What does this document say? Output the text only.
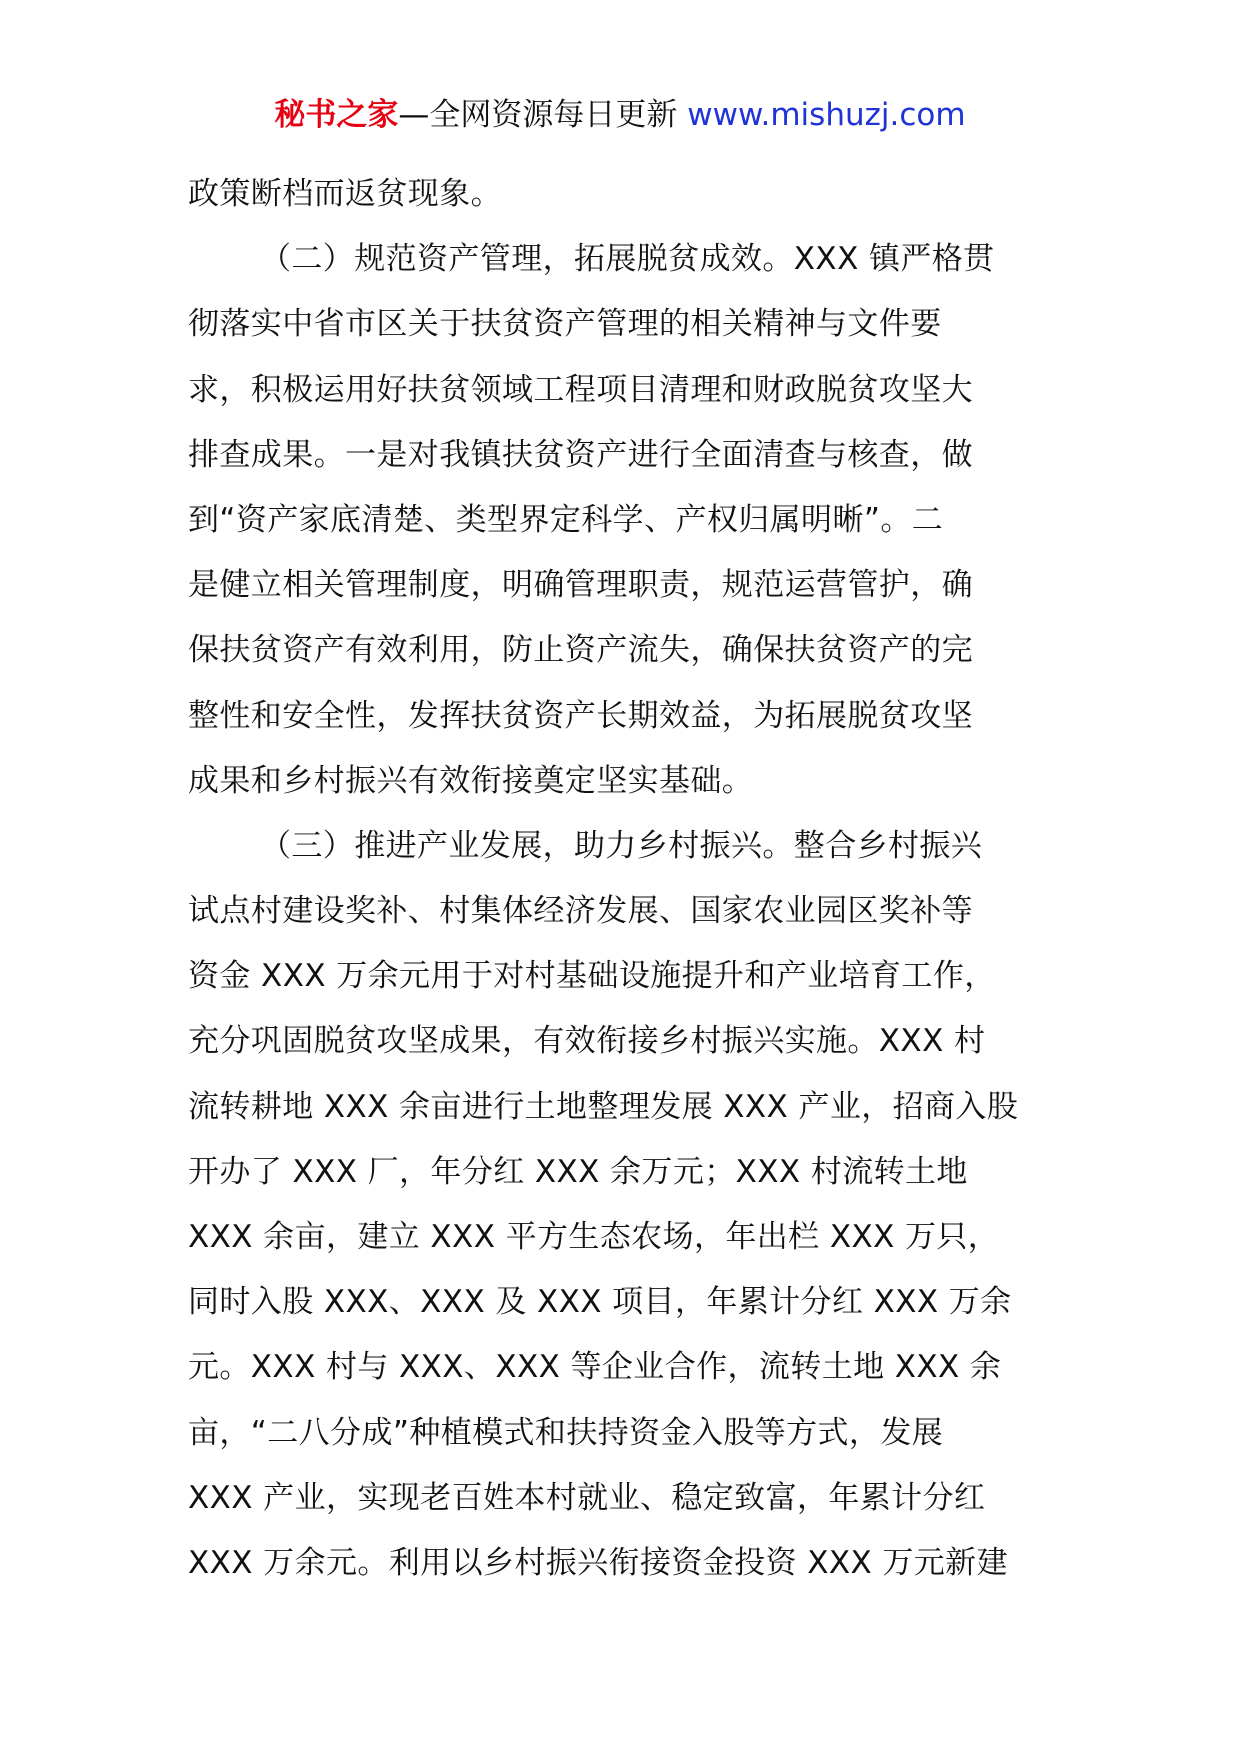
秘书之家—全网资源每日更新 www.mishuzj.com
政策断档而返贫现象。
（二）规范资产管理，拓展脱贫成效。XXX 镇严格贯
彻落实中省市区关于扶贫资产管理的相关精神与文件要
求，积极运用好扶贫领域工程项目清理和财政脱贫攻坚大
排查成果。一是对我镇扶贫资产进行全面清查与核查，做
到“资产家底清楚、类型界定科学、产权归属明晰”。二
是健立相关管理制度，明确管理职责，规范运营管护，确
保扶贫资产有效利用，防止资产流失，确保扶贫资产的完
整性和安全性，发挥扶贫资产长期效益，为拓展脱贫攻坚
成果和乡村振兴有效衔接奠定坚实基础。
（三）推进产业发展，助力乡村振兴。整合乡村振兴
试点村建设奖补、村集体经济发展、国家农业园区奖补等
资金 XXX 万余元用于对村基础设施提升和产业培育工作，
充分巩固脱贫攻坚成果，有效衔接乡村振兴实施。XXX 村
流转耕地 XXX 余亩进行土地整理发展 XXX 产业，招商入股
开办了 XXX 厂，年分红 XXX 余万元；XXX 村流转土地
XXX 余亩，建立 XXX 平方生态农场，年出栏 XXX 万只，
同时入股 XXX、XXX 及 XXX 项目，年累计分红 XXX 万余
元。XXX 村与 XXX、XXX 等企业合作，流转土地 XXX 余
亩，“二八分成”种植模式和扶持资金入股等方式，发展
XXX 产业，实现老百姓本村就业、稳定致富，年累计分红
XXX 万余元。利用以乡村振兴衔接资金投资 XXX 万元新建
